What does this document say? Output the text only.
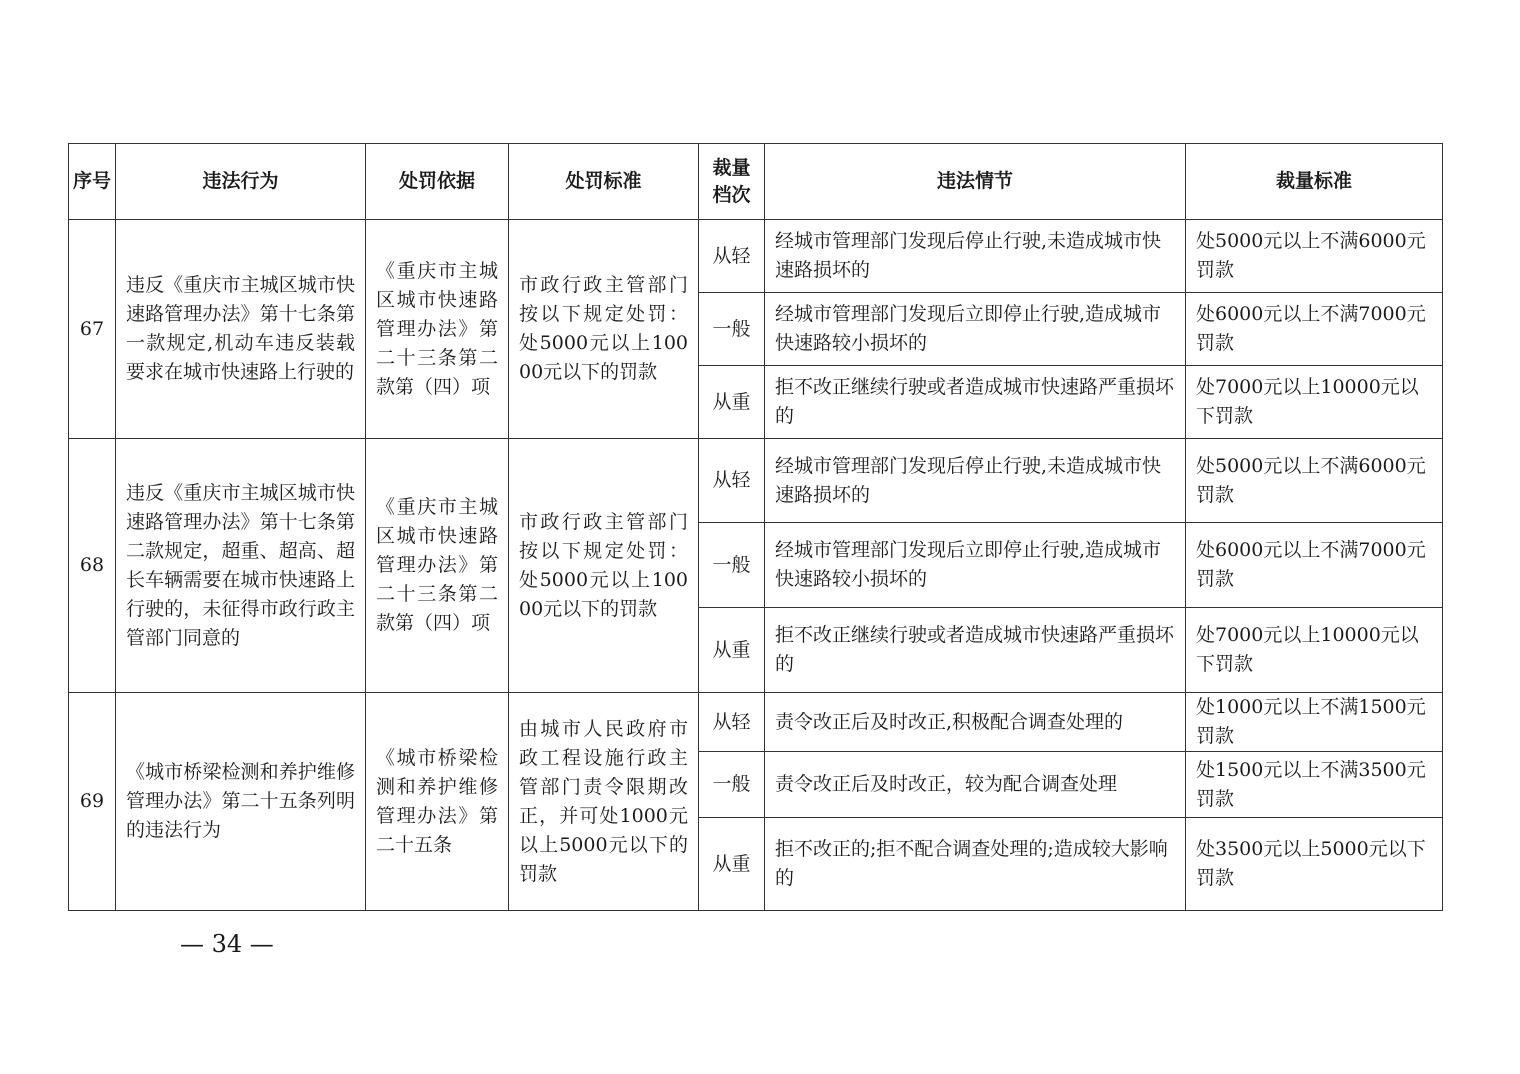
序号	违法行为	处罚依据	处罚标准	裁量档次	违法情节	裁量标准
67	违反《重庆市主城区城市快速路管理办法》第十七条第一款规定,机动车违反装载要求在城市快速路上行驶的	《重庆市主城区城市快速路管理办法》第二十三条第二款第（四）项	市政行政主管部门按以下规定处罚：处5000元以上10000元以下的罚款	从轻	经城市管理部门发现后停止行驶,未造成城市快速路损坏的	处5000元以上不满6000元罚款
				一般	经城市管理部门发现后立即停止行驶,造成城市快速路较小损坏的	处6000元以上不满7000元罚款
				从重	拒不改正继续行驶或者造成城市快速路严重损坏的	处7000元以上10000元以下罚款
68	违反《重庆市主城区城市快速路管理办法》第十七条第二款规定，超重、超高、超长车辆需要在城市快速路上行驶的，未征得市政行政主管部门同意的	《重庆市主城区城市快速路管理办法》第二十三条第二款第（四）项	市政行政主管部门按以下规定处罚：处5000元以上10000元以下的罚款	从轻	经城市管理部门发现后停止行驶,未造成城市快速路损坏的	处5000元以上不满6000元罚款
				一般	经城市管理部门发现后立即停止行驶,造成城市快速路较小损坏的	处6000元以上不满7000元罚款
				从重	拒不改正继续行驶或者造成城市快速路严重损坏的	处7000元以上10000元以下罚款
69	《城市桥梁检测和养护维修管理办法》第二十五条列明的违法行为	《城市桥梁检测和养护维修管理办法》第二十五条	由城市人民政府市政工程设施行政主管部门责令限期改正，并可处1000元以上5000元以下的罚款	从轻	责令改正后及时改正,积极配合调查处理的	处1000元以上不满1500元罚款
				一般	责令改正后及时改正，较为配合调查处理	处1500元以上不满3500元罚款
				从重	拒不改正的;拒不配合调查处理的;造成较大影响的	处3500元以上5000元以下罚款
— 34 —
